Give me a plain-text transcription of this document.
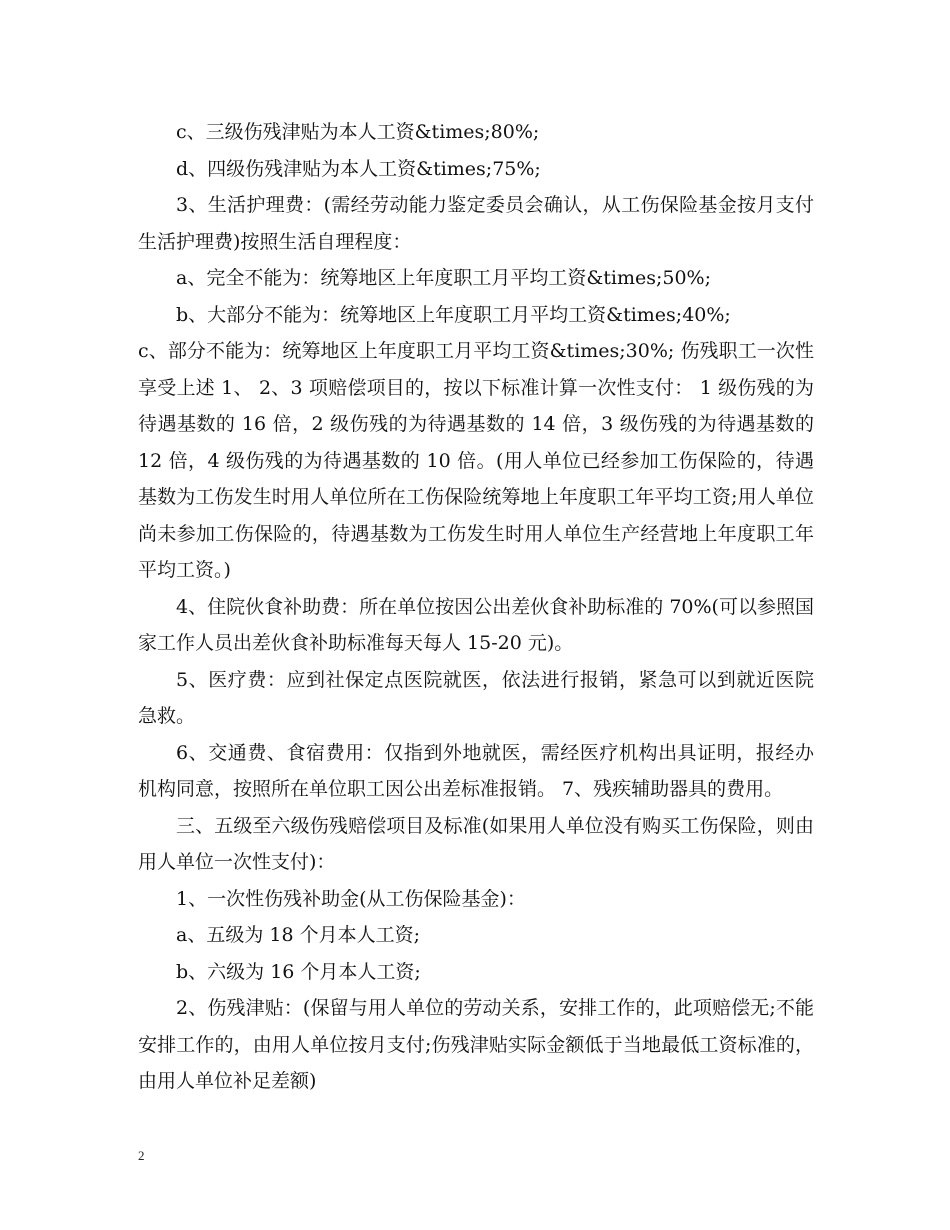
c、三级伤残津贴为本人工资&times;80%;

d、四级伤残津贴为本人工资&times;75%;

3、生活护理费：(需经劳动能力鉴定委员会确认，从工伤保险基金按月支付生活护理费)按照生活自理程度：

a、完全不能为：统筹地区上年度职工月平均工资&times;50%;

b、大部分不能为：统筹地区上年度职工月平均工资&times;40%;

c、部分不能为：统筹地区上年度职工月平均工资&times;30%; 伤残职工一次性享受上述 1、 2、3 项赔偿项目的，按以下标准计算一次性支付： 1 级伤残的为待遇基数的 16 倍，2 级伤残的为待遇基数的 14 倍，3 级伤残的为待遇基数的 12 倍，4 级伤残的为待遇基数的 10 倍。(用人单位已经参加工伤保险的，待遇基数为工伤发生时用人单位所在工伤保险统筹地上年度职工年平均工资;用人单位尚未参加工伤保险的，待遇基数为工伤发生时用人单位生产经营地上年度职工年平均工资。)

4、住院伙食补助费：所在单位按因公出差伙食补助标准的 70%(可以参照国家工作人员出差伙食补助标准每天每人 15-20 元)。

5、医疗费：应到社保定点医院就医，依法进行报销，紧急可以到就近医院急救。

6、交通费、食宿费用：仅指到外地就医，需经医疗机构出具证明，报经办机构同意，按照所在单位职工因公出差标准报销。 7、残疾辅助器具的费用。

三、五级至六级伤残赔偿项目及标准(如果用人单位没有购买工伤保险，则由用人单位一次性支付)：

1、一次性伤残补助金(从工伤保险基金)：

a、五级为 18 个月本人工资;

b、六级为 16 个月本人工资;

2、伤残津贴：(保留与用人单位的劳动关系，安排工作的，此项赔偿无;不能安排工作的，由用人单位按月支付;伤残津贴实际金额低于当地最低工资标准的，由用人单位补足差额)

2
